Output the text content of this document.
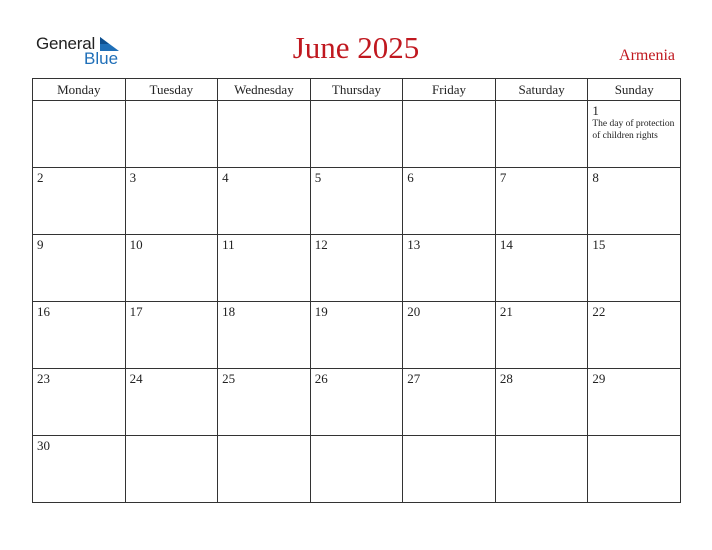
General
Blue	June 2025	Armenia
Monday	Tuesday	Wednesday	Thursday	Friday	Saturday	Sunday

						1
The day of protection of children rights

2	3	4	5	6	7	8

9	10	11	12	13	14	15

16	17	18	19	20	21	22

23	24	25	26	27	28	29

30						
